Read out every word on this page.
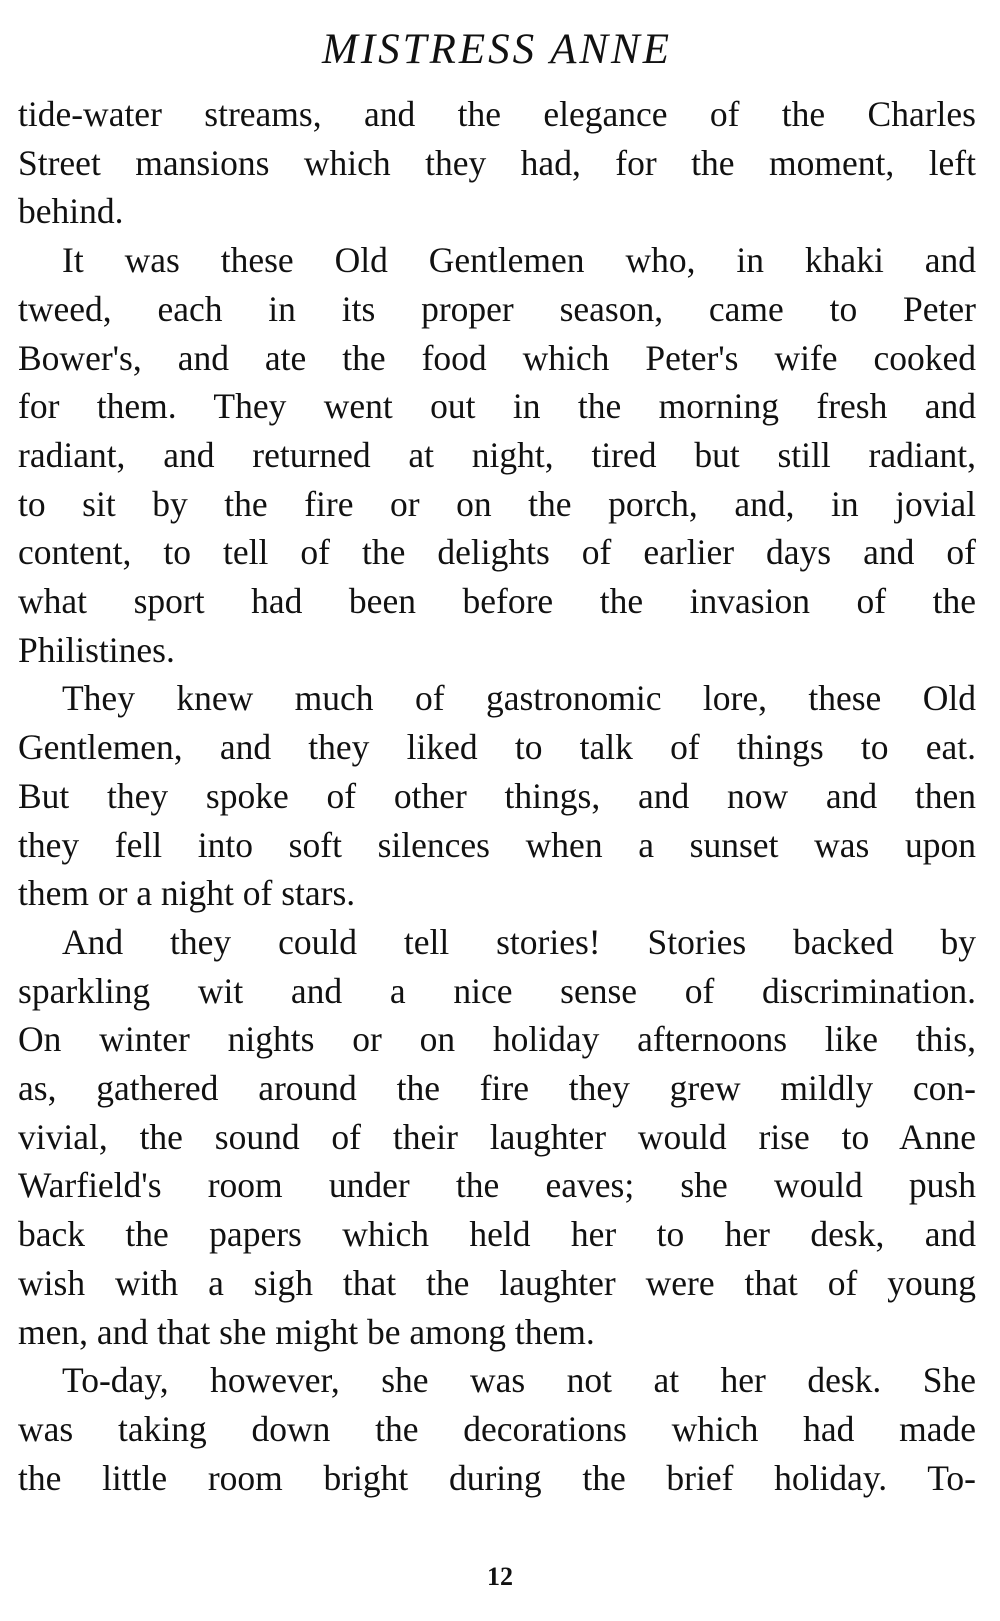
MISTRESS ANNE
tide-water streams, and the elegance of the Charles
Street mansions which they had, for the moment, left
behind.
It was these Old Gentlemen who, in khaki and
tweed, each in its proper season, came to Peter
Bower's, and ate the food which Peter's wife cooked
for them. They went out in the morning fresh and
radiant, and returned at night, tired but still radiant,
to sit by the fire or on the porch, and, in jovial
content, to tell of the delights of earlier days and of
what sport had been before the invasion of the
Philistines.
They knew much of gastronomic lore, these Old
Gentlemen, and they liked to talk of things to eat.
But they spoke of other things, and now and then
they fell into soft silences when a sunset was upon
them or a night of stars.
And they could tell stories! Stories backed by
sparkling wit and a nice sense of discrimination.
On winter nights or on holiday afternoons like this,
as, gathered around the fire they grew mildly con-
vivial, the sound of their laughter would rise to Anne
Warfield's room under the eaves; she would push
back the papers which held her to her desk, and
wish with a sigh that the laughter were that of young
men, and that she might be among them.
To-day, however, she was not at her desk. She
was taking down the decorations which had made
the little room bright during the brief holiday. To-
12
